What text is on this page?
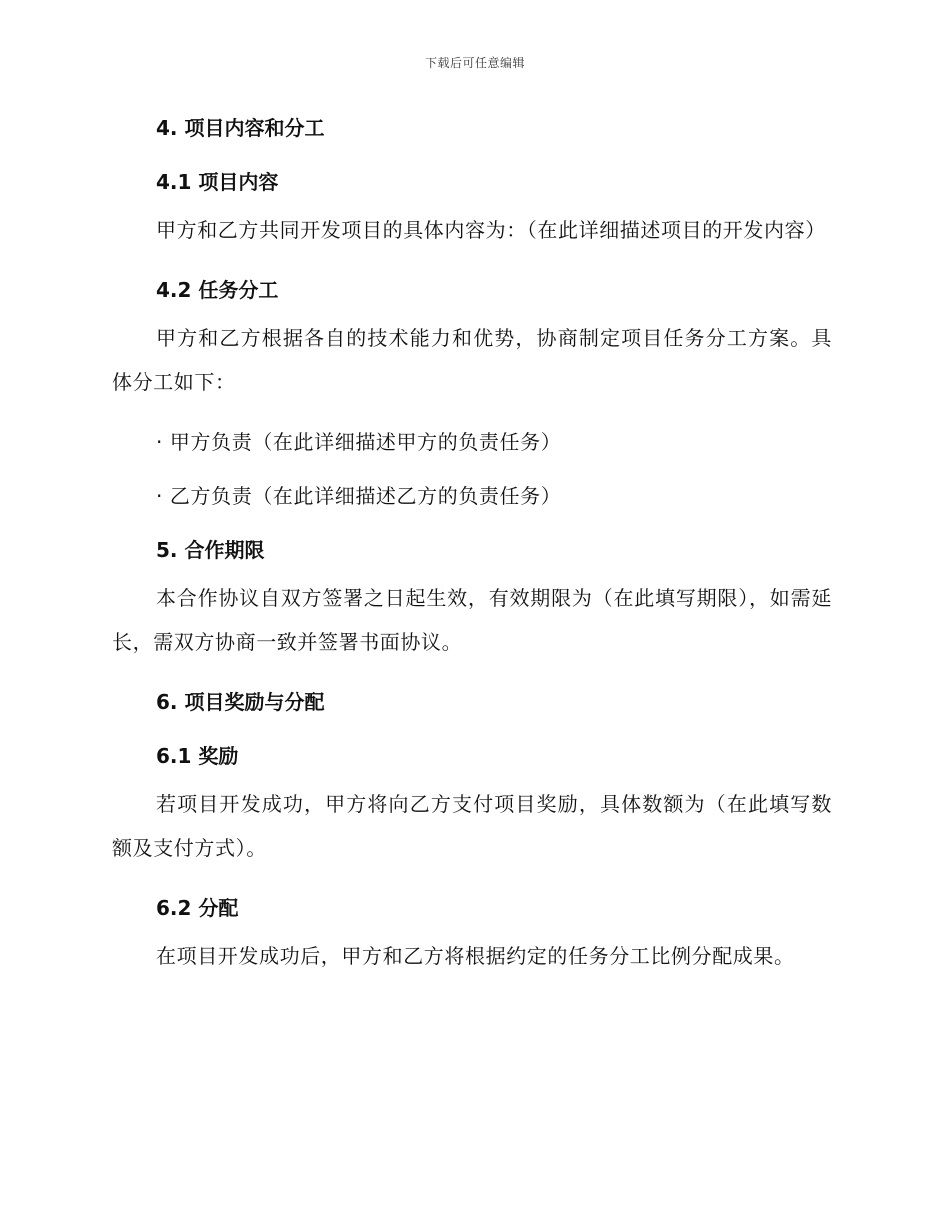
下载后可任意编辑
4. 项目内容和分工
4.1 项目内容

甲方和乙方共同开发项目的具体内容为：（在此详细描述项目的开发内容）

4.2 任务分工

甲方和乙方根据各自的技术能力和优势，协商制定项目任务分工方案。具体分工如下：

· 甲方负责（在此详细描述甲方的负责任务）

· 乙方负责（在此详细描述乙方的负责任务）

5. 合作期限

本合作协议自双方签署之日起生效，有效期限为（在此填写期限），如需延长，需双方协商一致并签署书面协议。

6. 项目奖励与分配
6.1 奖励

若项目开发成功，甲方将向乙方支付项目奖励，具体数额为（在此填写数额及支付方式）。

6.2 分配

在项目开发成功后，甲方和乙方将根据约定的任务分工比例分配成果。
